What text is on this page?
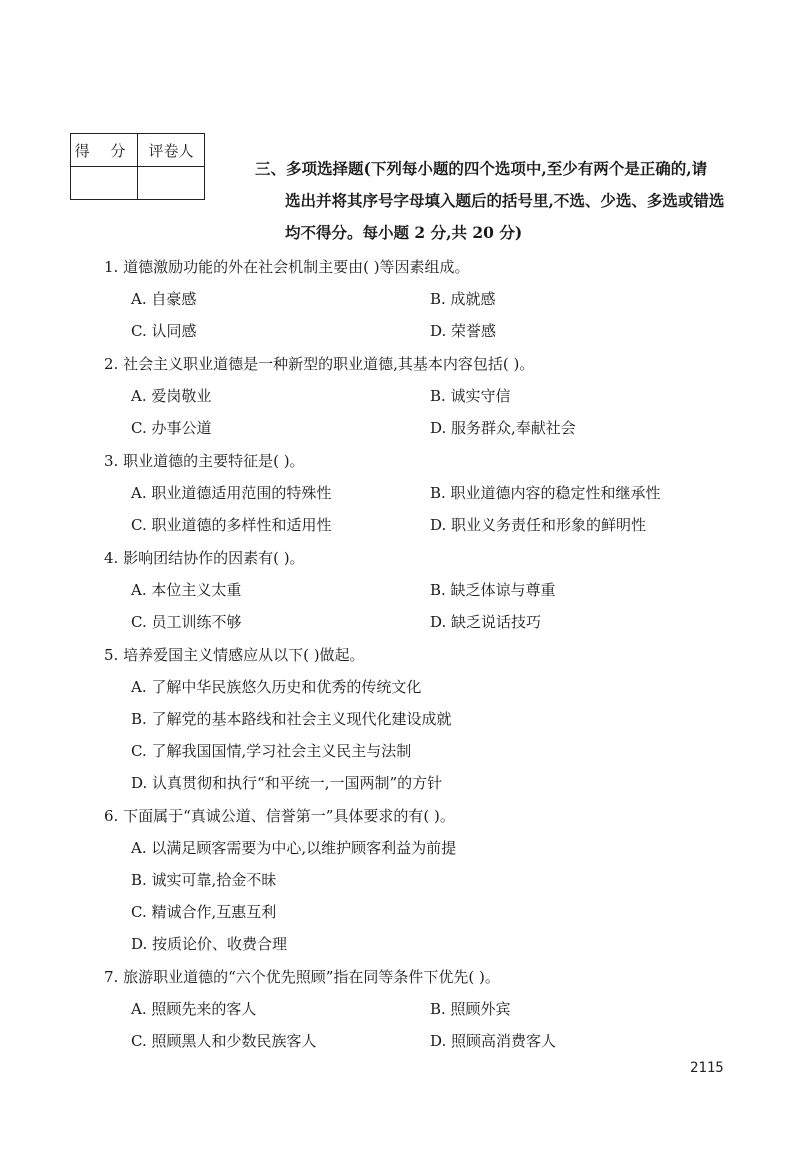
得 分	评卷人

三、多项选择题(下列每小题的四个选项中,至少有两个是正确的,请
选出并将其序号字母填入题后的括号里,不选、少选、多选或错选
均不得分。每小题 2 分,共 20 分)
1. 道德激励功能的外在社会机制主要由( )等因素组成。
A. 自豪感	B. 成就感
C. 认同感	D. 荣誉感
2. 社会主义职业道德是一种新型的职业道德,其基本内容包括( )。
A. 爱岗敬业	B. 诚实守信
C. 办事公道	D. 服务群众,奉献社会
3. 职业道德的主要特征是( )。
A. 职业道德适用范围的特殊性	B. 职业道德内容的稳定性和继承性
C. 职业道德的多样性和适用性	D. 职业义务责任和形象的鲜明性
4. 影响团结协作的因素有( )。
A. 本位主义太重	B. 缺乏体谅与尊重
C. 员工训练不够	D. 缺乏说话技巧
5. 培养爱国主义情感应从以下( )做起。
A. 了解中华民族悠久历史和优秀的传统文化
B. 了解党的基本路线和社会主义现代化建设成就
C. 了解我国国情,学习社会主义民主与法制
D. 认真贯彻和执行“和平统一,一国两制”的方针
6. 下面属于“真诚公道、信誉第一”具体要求的有( )。
A. 以满足顾客需要为中心,以维护顾客利益为前提
B. 诚实可靠,拾金不昧
C. 精诚合作,互惠互利
D. 按质论价、收费合理
7. 旅游职业道德的“六个优先照顾”指在同等条件下优先( )。
A. 照顾先来的客人	B. 照顾外宾
C. 照顾黑人和少数民族客人	D. 照顾高消费客人
2115
